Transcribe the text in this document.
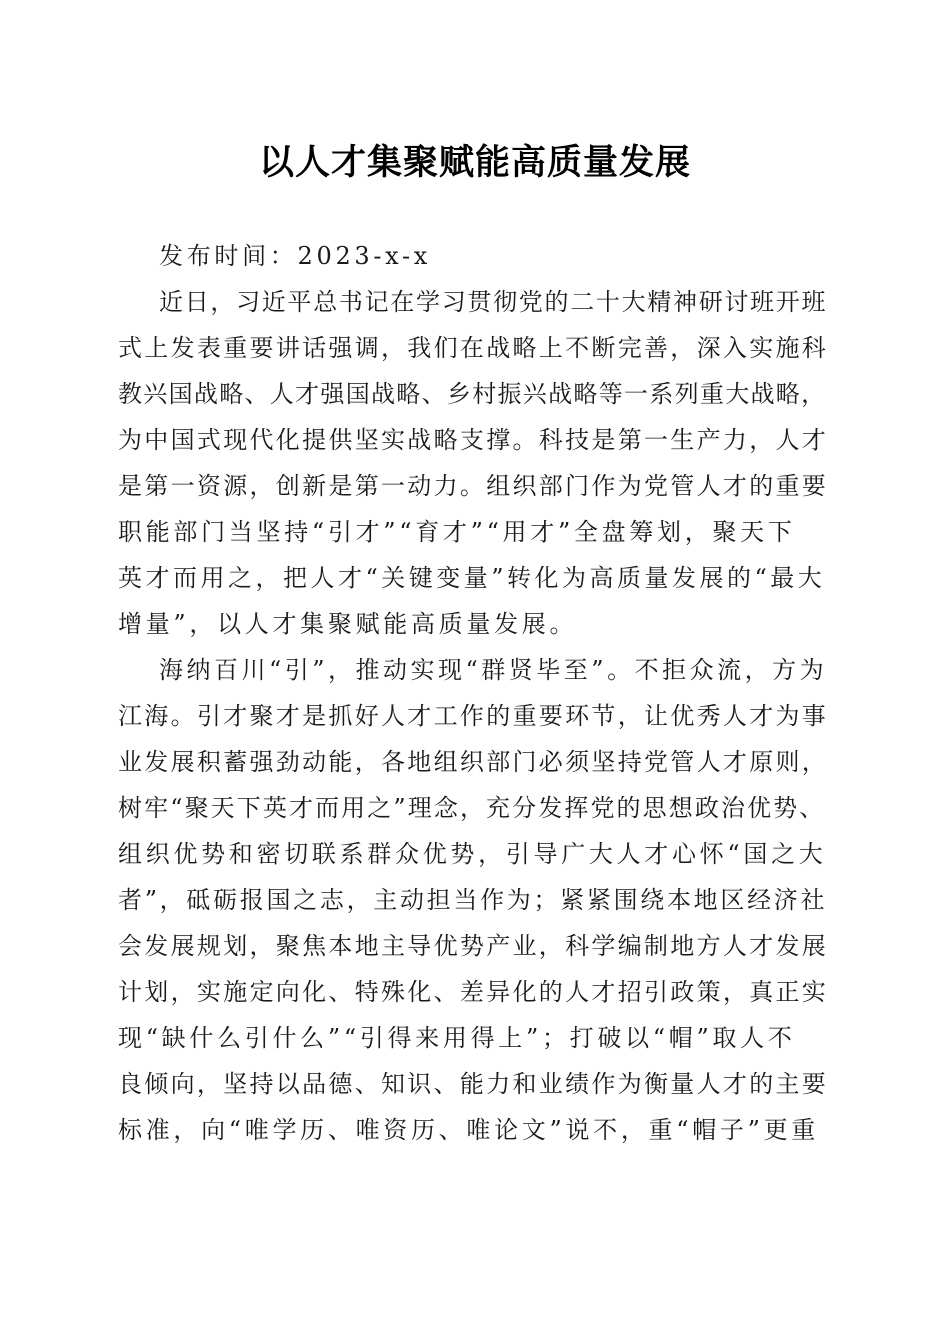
以人才集聚赋能高质量发展
发布时间：2023-x-x
近日，习近平总书记在学习贯彻党的二十大精神研讨班开班
式上发表重要讲话强调，我们在战略上不断完善，深入实施科
教兴国战略、人才强国战略、乡村振兴战略等一系列重大战略，
为中国式现代化提供坚实战略支撑。科技是第一生产力，人才
是第一资源，创新是第一动力。组织部门作为党管人才的重要
职能部门当坚持“引才”“育才”“用才”全盘筹划，聚天下
英才而用之，把人才“关键变量”转化为高质量发展的“最大
增量”，以人才集聚赋能高质量发展。
海纳百川“引”，推动实现“群贤毕至”。不拒众流，方为
江海。引才聚才是抓好人才工作的重要环节，让优秀人才为事
业发展积蓄强劲动能，各地组织部门必须坚持党管人才原则，
树牢“聚天下英才而用之”理念，充分发挥党的思想政治优势、
组织优势和密切联系群众优势，引导广大人才心怀“国之大
者”，砥砺报国之志，主动担当作为；紧紧围绕本地区经济社
会发展规划，聚焦本地主导优势产业，科学编制地方人才发展
计划，实施定向化、特殊化、差异化的人才招引政策，真正实
现“缺什么引什么”“引得来用得上”；打破以“帽”取人不
良倾向，坚持以品德、知识、能力和业绩作为衡量人才的主要
标准，向“唯学历、唯资历、唯论文”说不，重“帽子”更重
